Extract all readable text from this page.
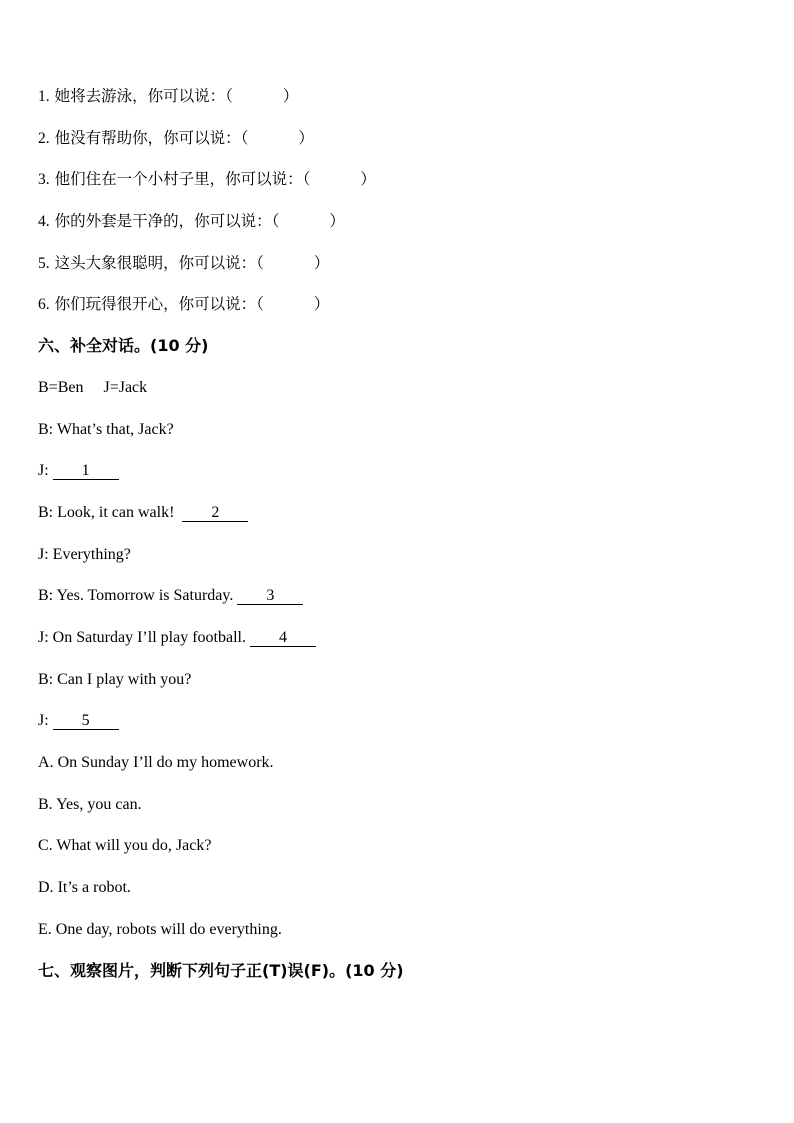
1. 她将去游泳，你可以说：（	）
2. 他没有帮助你，你可以说：（	）
3. 他们住在一个小村子里，你可以说：（	）
4. 你的外套是干净的，你可以说：（	）
5. 这头大象很聪明，你可以说：（	）
6. 你们玩得很开心，你可以说：（	）
六、补全对话。(10 分)
B=Ben     J=Jack
B: What’s that, Jack?
J: 1
B: Look, it can walk! 2
J: Everything?
B: Yes. Tomorrow is Saturday. 3
J: On Saturday I’ll play football. 4
B: Can I play with you?
J: 5
A. On Sunday I’ll do my homework.
B. Yes, you can.
C. What will you do, Jack?
D. It’s a robot.
E. One day, robots will do everything.
七、观察图片，判断下列句子正(T)误(F)。(10 分)
